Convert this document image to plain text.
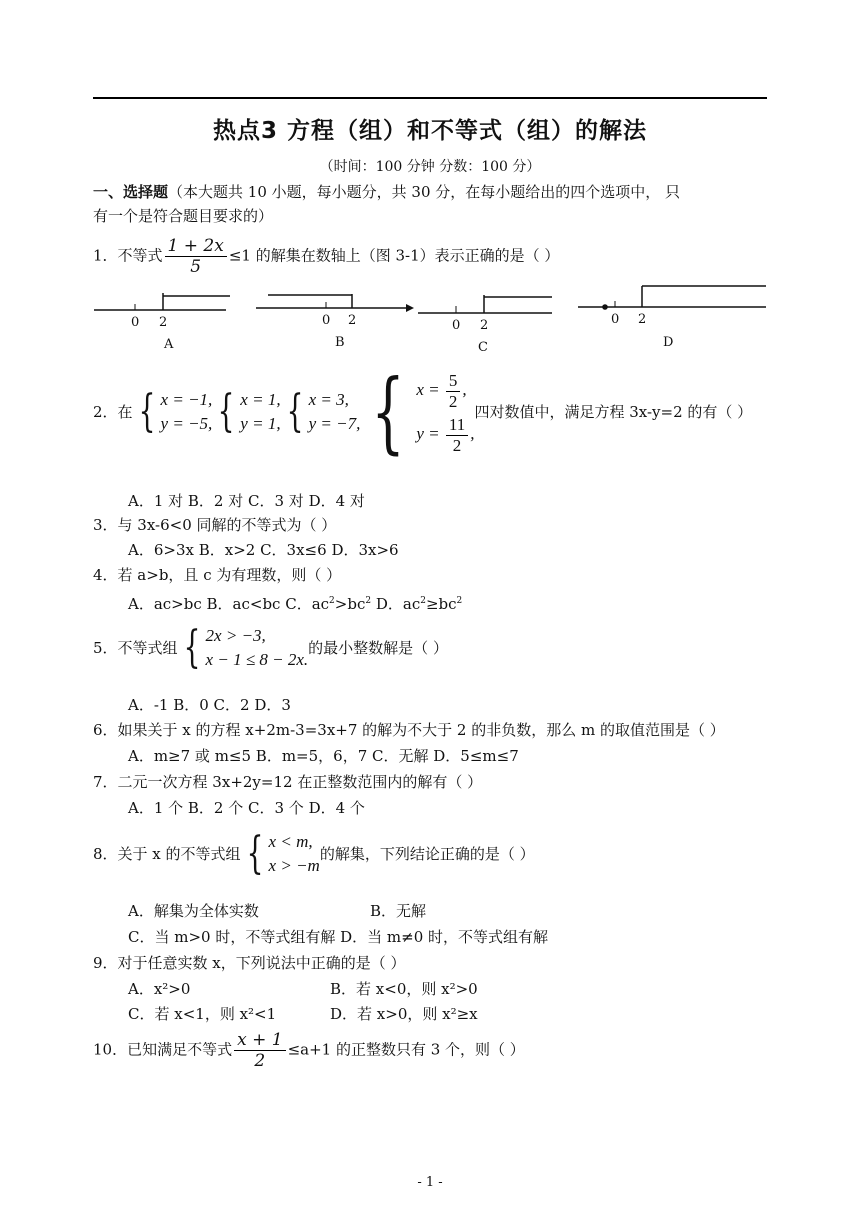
热点3 方程（组）和不等式（组）的解法
（时间：100 分钟 分数：100 分）
一、选择题（本大题共 10 小题，每小题分，共 30 分，在每小题给出的四个选项中， 只
有一个是符合题目要求的）
1．不等式 $\frac{1 + 2x}{5} \le 1$ 的解集在数轴上（图 3-1）表示正确的是（ ）
0 2
A
0 2
B
0 2
C
0 2
D
2．在 { x = −1,
y = −5, { x = 1,
y = 1, { x = 3,
y = −7, { $x = \frac{5}{2}$ ,
$y = \frac{11}{2}$ ,
四对数值中，满足方程 3x-y=2 的有（ ）
A．1 对 B．2 对 C．3 对 D．4 对
3．与 3x-6<0 同解的不等式为（ ）
A．6>3x B．x>2 C．3x≤6 D．3x>6
4．若 a>b，且 c 为有理数，则（ ）
A．ac>bc B．ac<bc C．$ac^2>bc^2$ D．$ac^2\ge bc^2$
5．不等式组 { 2x > −3,
x − 1 ≤ 8 − 2x.
的最小整数解是（ ）
A．-1 B．0 C．2 D．3
6．如果关于 x 的方程 x+2m-3=3x+7 的解为不大于 2 的非负数，那么 m 的取值范围是（ ）
A．m≥7 或 m≤5 B．m=5，6，7 C．无解 D．5≤m≤7
7．二元一次方程 3x+2y=12 在正整数范围内的解有（ ）
A．1 个 B．2 个 C．3 个 D．4 个
8．关于 x 的不等式组 { x < m,
x > −m
的解集，下列结论正确的是（ ）
A．解集为全体实数	B．无解
C．当 m>0 时，不等式组有解 D．当 m≠0 时，不等式组有解
9．对于任意实数 x，下列说法中正确的是（ ）
A．x²>0	B．若 x<0，则 x²>0
C．若 x<1，则 x²<1	D．若 x>0，则 x²≥x
10．已知满足不等式 $\frac{x + 1}{2} \le a+1$ 的正整数只有 3 个，则（ ）
- 1 -
